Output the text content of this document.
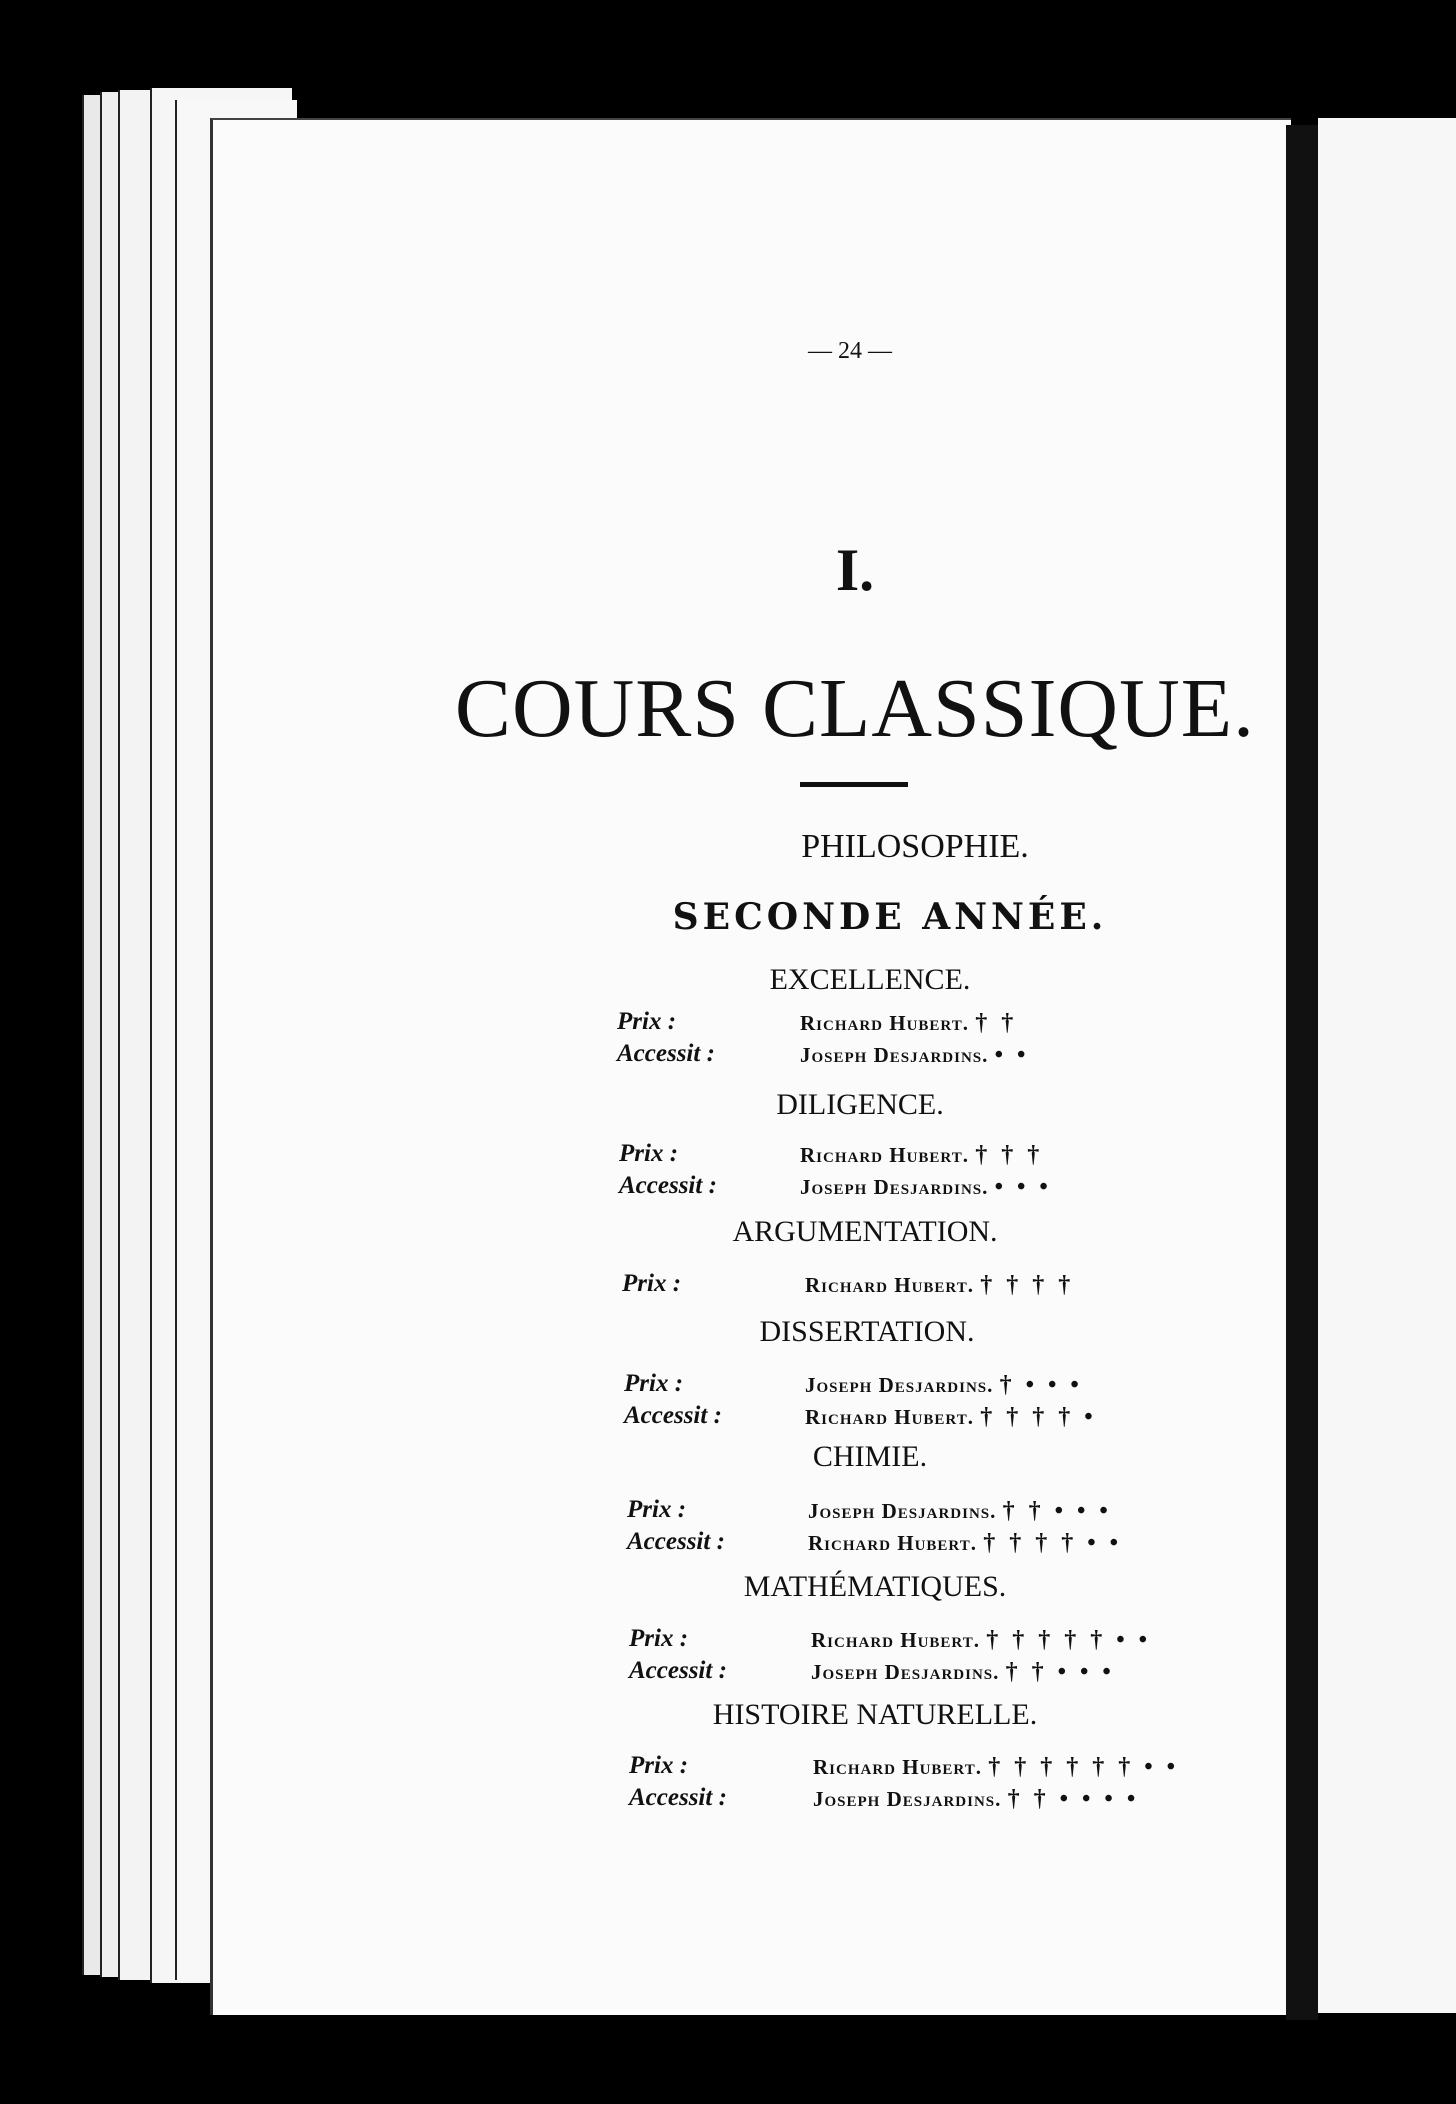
— 24 —
I.
COURS CLASSIQUE.
PHILOSOPHIE.
SECONDE ANNÉE.
EXCELLENCE.
Prix :	Richard Hubert. † †
Accessit :	Joseph Desjardins. • •
DILIGENCE.
Prix :	Richard Hubert. † † †
Accessit :	Joseph Desjardins. • • •
ARGUMENTATION.
Prix :	Richard Hubert. † † † †
DISSERTATION.
Prix :	Joseph Desjardins. † • • •
Accessit :	Richard Hubert. † † † † •
CHIMIE.
Prix :	Joseph Desjardins. † † • • •
Accessit :	Richard Hubert. † † † † • •
MATHÉMATIQUES.
Prix :	Richard Hubert. † † † † † • •
Accessit :	Joseph Desjardins. † † • • •
HISTOIRE NATURELLE.
Prix :	Richard Hubert. † † † † † † • •
Accessit :	Joseph Desjardins. † † • • • •
